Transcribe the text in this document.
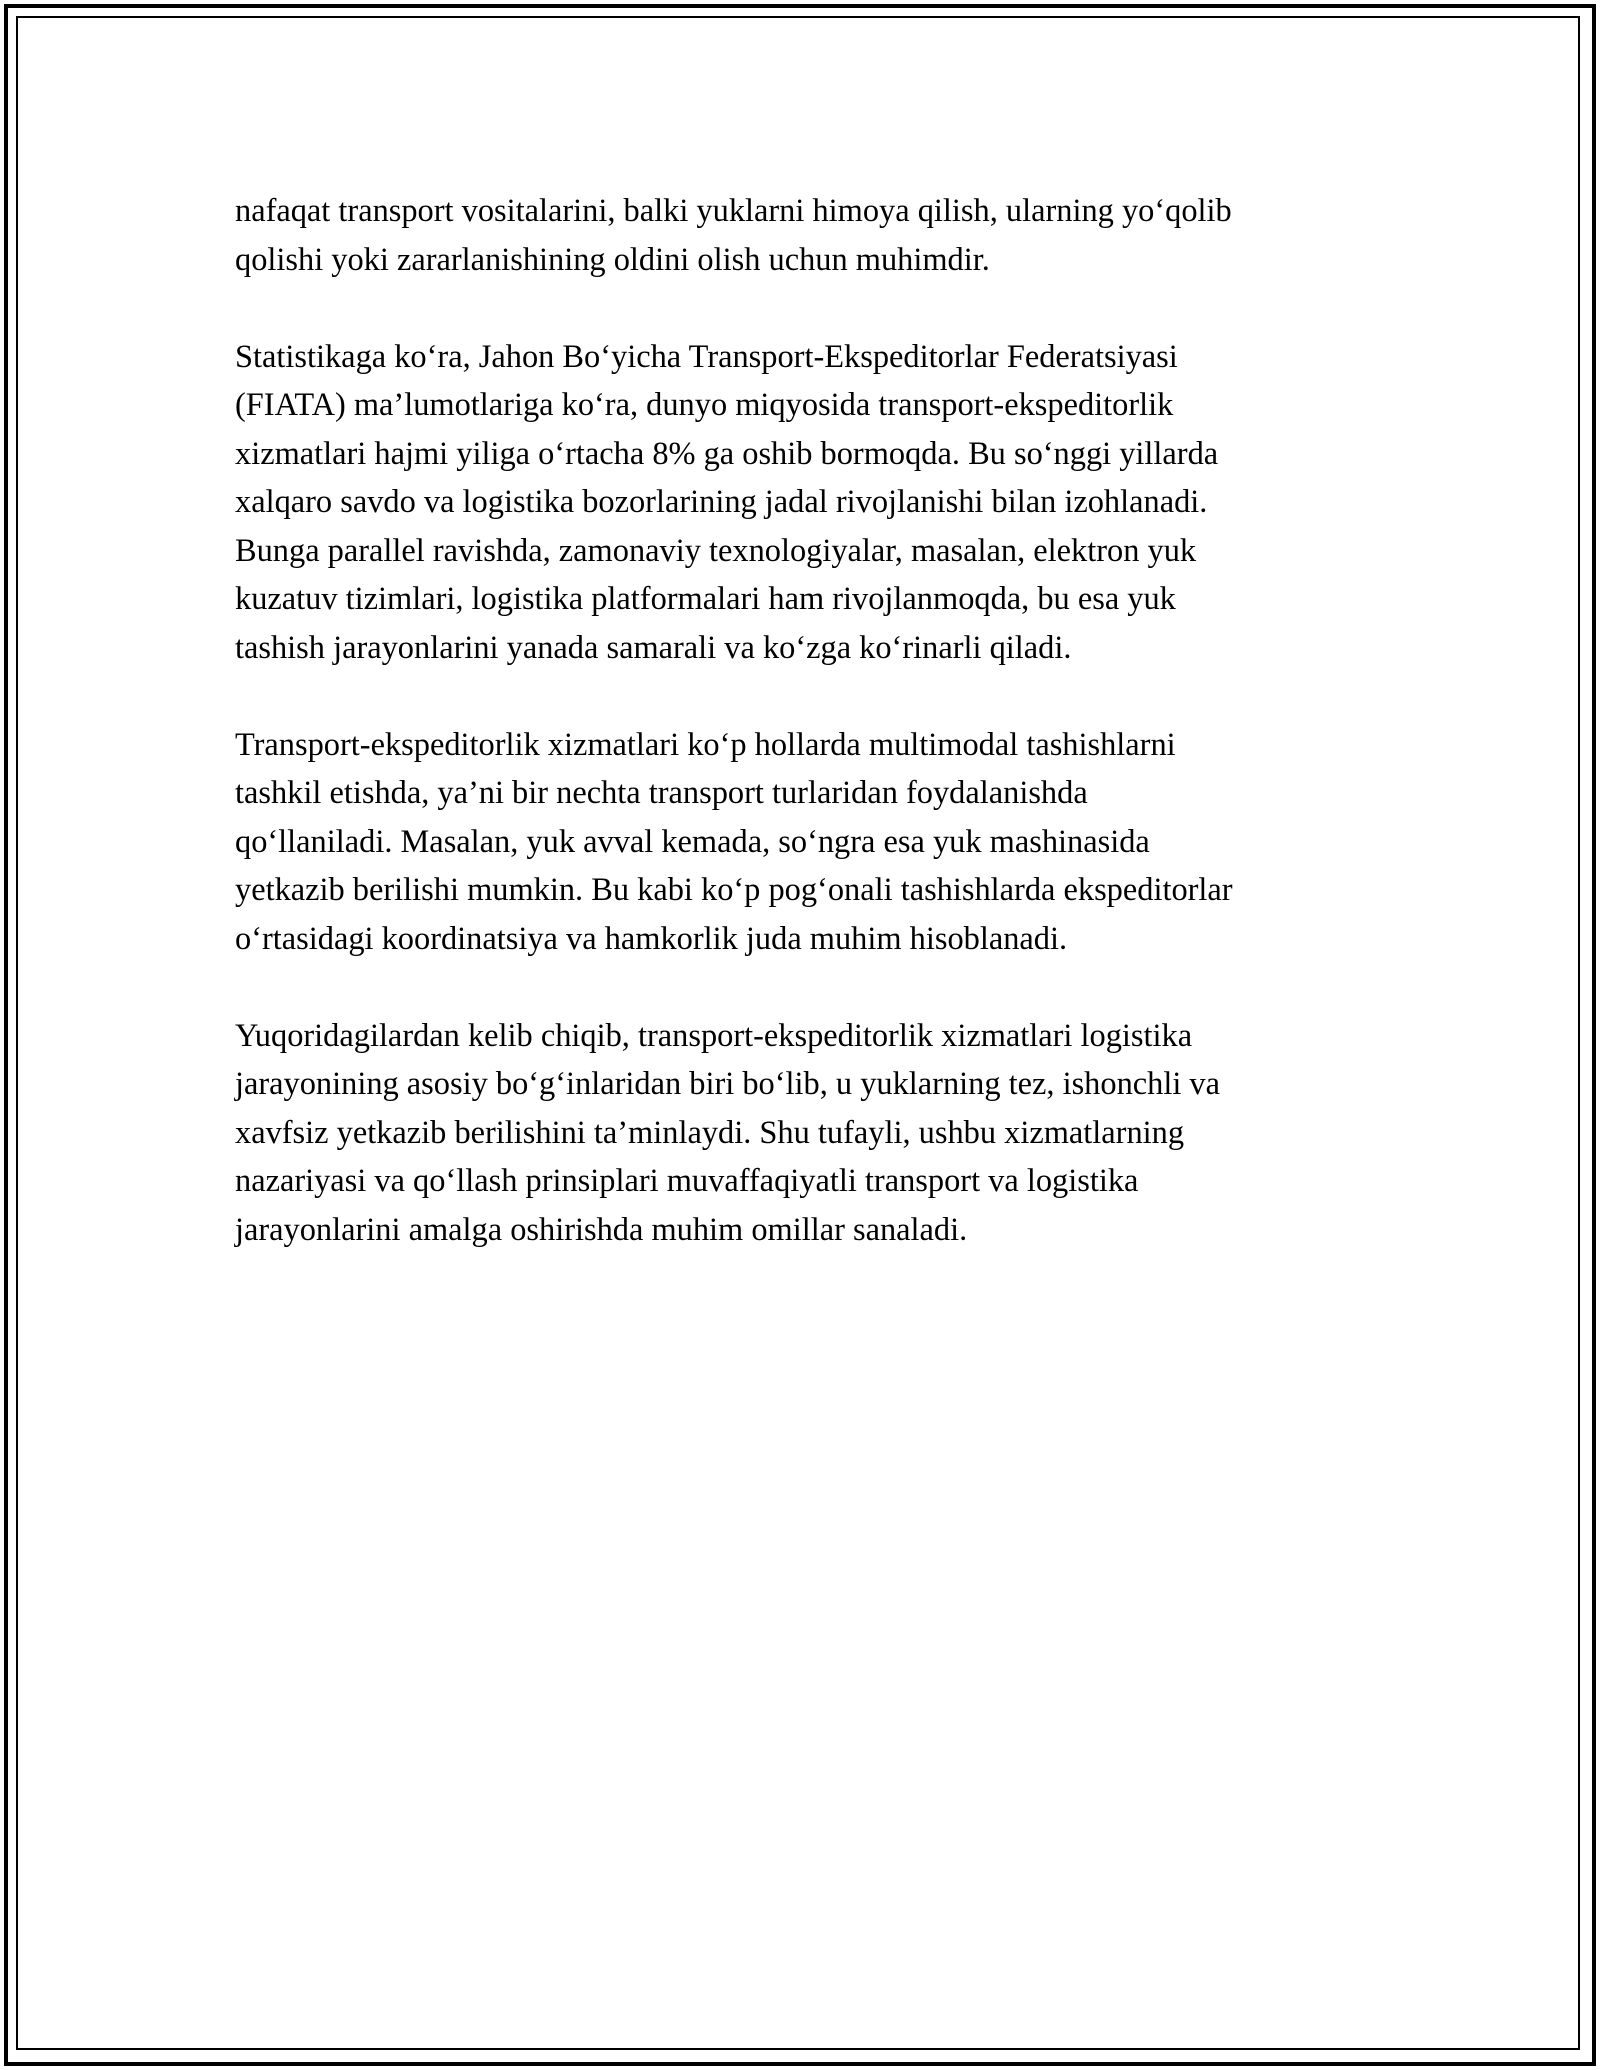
nafaqat transport vositalarini, balki yuklarni himoya qilish, ularning yo‘qolib
qolishi yoki zararlanishining oldini olish uchun muhimdir.

Statistikaga ko‘ra, Jahon Bo‘yicha Transport-Ekspeditorlar Federatsiyasi
(FIATA) ma’lumotlariga ko‘ra, dunyo miqyosida transport-ekspeditorlik
xizmatlari hajmi yiliga o‘rtacha 8% ga oshib bormoqda. Bu so‘nggi yillarda
xalqaro savdo va logistika bozorlarining jadal rivojlanishi bilan izohlanadi.
Bunga parallel ravishda, zamonaviy texnologiyalar, masalan, elektron yuk
kuzatuv tizimlari, logistika platformalari ham rivojlanmoqda, bu esa yuk
tashish jarayonlarini yanada samarali va ko‘zga ko‘rinarli qiladi.

Transport-ekspeditorlik xizmatlari ko‘p hollarda multimodal tashishlarni
tashkil etishda, ya’ni bir nechta transport turlaridan foydalanishda
qo‘llaniladi. Masalan, yuk avval kemada, so‘ngra esa yuk mashinasida
yetkazib berilishi mumkin. Bu kabi ko‘p pog‘onali tashishlarda ekspeditorlar
o‘rtasidagi koordinatsiya va hamkorlik juda muhim hisoblanadi.

Yuqoridagilardan kelib chiqib, transport-ekspeditorlik xizmatlari logistika
jarayonining asosiy bo‘g‘inlaridan biri bo‘lib, u yuklarning tez, ishonchli va
xavfsiz yetkazib berilishini ta’minlaydi. Shu tufayli, ushbu xizmatlarning
nazariyasi va qo‘llash prinsiplari muvaffaqiyatli transport va logistika
jarayonlarini amalga oshirishda muhim omillar sanaladi.
